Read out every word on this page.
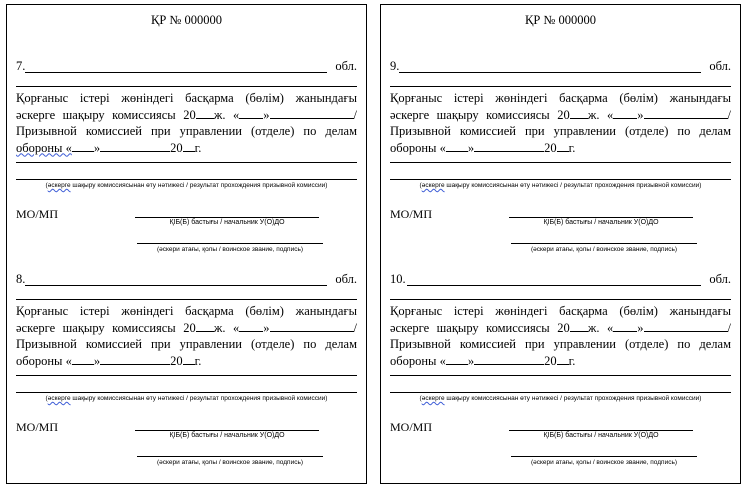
ҚР № 000000
7.	обл.
Қорғаныс істері жөніндегі басқарма (бөлім) жанындағы
әскерге шақыру комиссиясы 20 ж. « »	/
Призывной комиссией при управлении (отделе) по делам
обороны « »	20 г.
(әскерге шақыру комиссиясынан өту нәтижесі / результат прохождения призывной комиссии)
МО/МП
ҚІБ(Б) бастығы / начальник У(О)ДО
(әскери атағы, қолы / воинское звание, подпись)
8.	обл.
Қорғаныс істері жөніндегі басқарма (бөлім) жанындағы
әскерге шақыру комиссиясы 20 ж. « »	/
Призывной комиссией при управлении (отделе) по делам
обороны « »	20 г.
(әскерге шақыру комиссиясынан өту нәтижесі / результат прохождения призывной комиссии)
МО/МП
ҚІБ(Б) бастығы / начальник У(О)ДО
(әскери атағы, қолы / воинское звание, подпись)
ҚР № 000000
9.	обл.
Қорғаныс істері жөніндегі басқарма (бөлім) жанындағы
әскерге шақыру комиссиясы 20 ж. « »	/
Призывной комиссией при управлении (отделе) по делам
обороны « »	20 г.
(әскерге шақыру комиссиясынан өту нәтижесі / результат прохождения призывной комиссии)
МО/МП
ҚІБ(Б) бастығы / начальник У(О)ДО
(әскери атағы, қолы / воинское звание, подпись)
10.	обл.
Қорғаныс істері жөніндегі басқарма (бөлім) жанындағы
әскерге шақыру комиссиясы 20 ж. « »	/
Призывной комиссией при управлении (отделе) по делам
обороны « »	20 г.
(әскерге шақыру комиссиясынан өту нәтижесі / результат прохождения призывной комиссии)
МО/МП
ҚІБ(Б) бастығы / начальник У(О)ДО
(әскери атағы, қолы / воинское звание, подпись)
